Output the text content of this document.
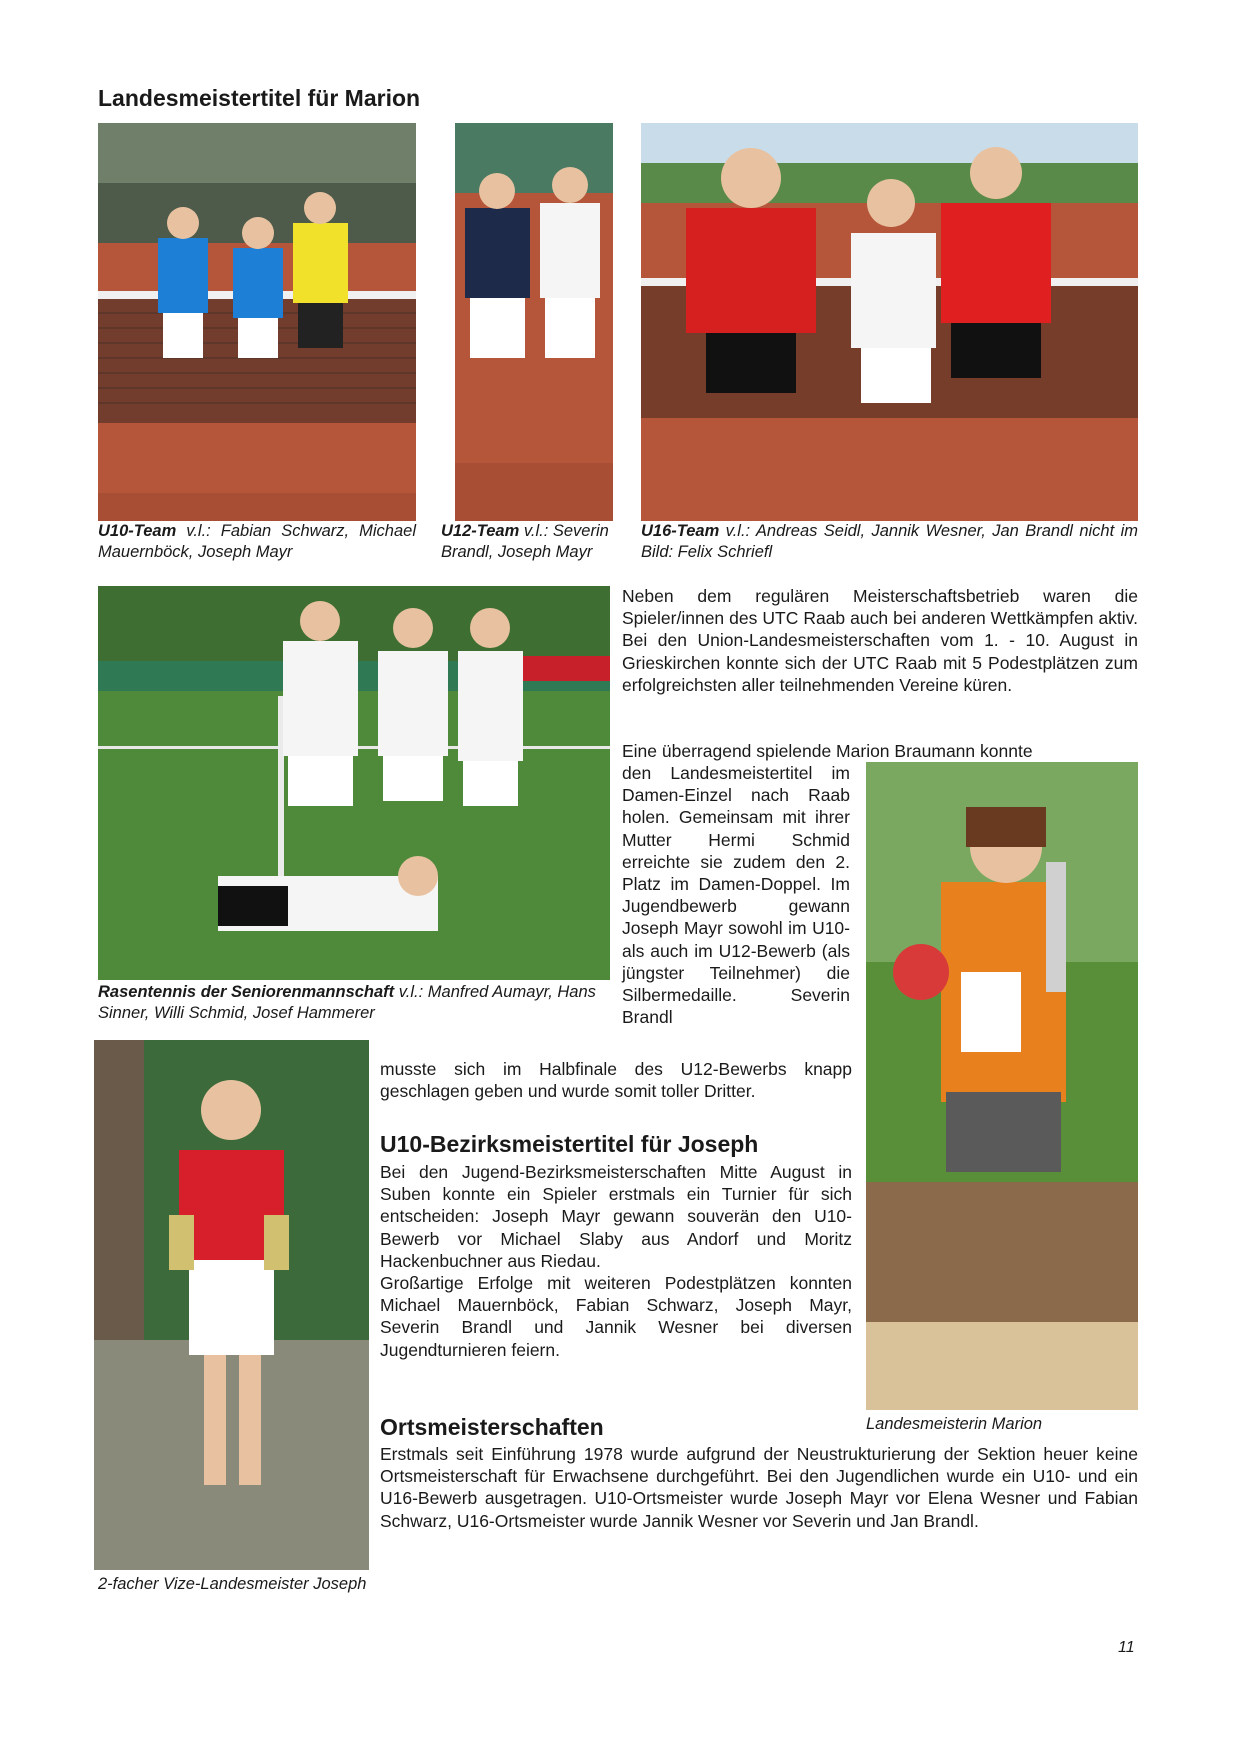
Landesmeistertitel für Marion
U10-Team v.l.: Fabian Schwarz, Michael Mauernböck, Joseph Mayr
U12-Team v.l.: Severin Brandl, Joseph Mayr
U16-Team v.l.: Andreas Seidl, Jannik Wesner, Jan Brandl nicht im Bild: Felix Schriefl
Rasentennis der Seniorenmannschaft v.l.: Manfred Aumayr, Hans Sinner, Willi Schmid, Josef Hammerer

Neben dem regulären Meisterschaftsbetrieb waren die Spieler/innen des UTC Raab auch bei anderen Wettkämpfen aktiv. Bei den Union-Landesmeisterschaften vom 1. - 10. August in Grieskirchen konnte sich der UTC Raab mit 5 Podestplätzen zum erfolgreichsten aller teilnehmenden Vereine küren.

Eine überragend spielende Marion Braumann konnte

den Landesmeistertitel im Damen-Einzel nach Raab holen. Gemeinsam mit ihrer Mutter Hermi Schmid erreichte sie zudem den 2. Platz im Damen-Doppel. Im Jugendbewerb gewann Joseph Mayr sowohl im U10- als auch im U12-Bewerb (als jüngster Teilnehmer) die Silbermedaille. Severin Brandl

musste sich im Halbfinale des U12-Bewerbs knapp geschlagen geben und wurde somit toller Dritter.

Landesmeisterin Marion
2-facher Vize-Landesmeister Joseph
U10-Bezirksmeistertitel für Joseph

Bei den Jugend-Bezirksmeisterschaften Mitte August in Suben konnte ein Spieler erstmals ein Turnier für sich entscheiden: Joseph Mayr gewann souverän den U10-Bewerb vor Michael Slaby aus Andorf und Moritz Hackenbuchner aus Riedau.

Großartige Erfolge mit weiteren Podestplätzen konnten Michael Mauernböck, Fabian Schwarz, Joseph Mayr, Severin Brandl und Jannik Wesner bei diversen Jugendturnieren feiern.

Ortsmeisterschaften

Erstmals seit Einführung 1978 wurde aufgrund der Neustrukturierung der Sektion heuer keine Ortsmeisterschaft für Erwachsene durchgeführt. Bei den Jugendlichen wurde ein U10- und ein U16-Bewerb ausgetragen. U10-Ortsmeister wurde Joseph Mayr vor Elena Wesner und Fabian Schwarz, U16-Ortsmeister wurde Jannik Wesner vor Severin und Jan Brandl.

11
